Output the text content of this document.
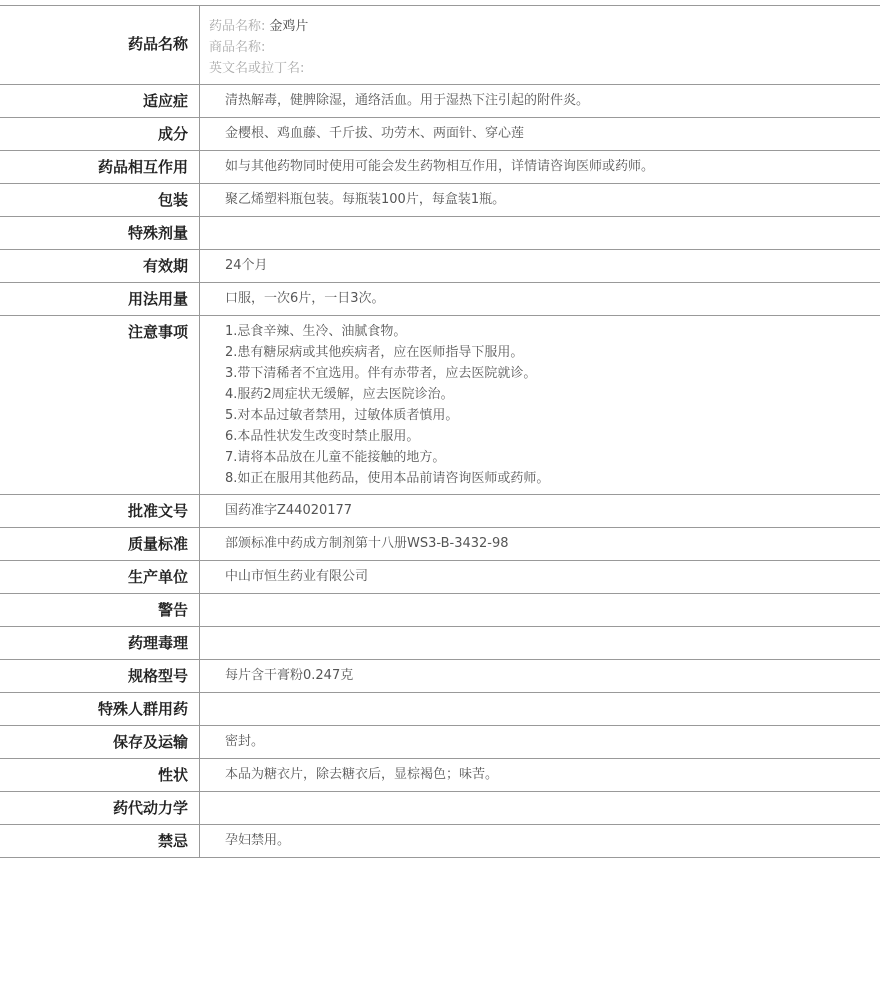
药品名称
药品名称: 金鸡片
商品名称:
英文名或拉丁名:
适应症	清热解毒，健脾除湿，通络活血。用于湿热下注引起的附件炎。
成分	金樱根、鸡血藤、千斤拔、功劳木、两面针、穿心莲
药品相互作用	如与其他药物同时使用可能会发生药物相互作用，详情请咨询医师或药师。
包装	聚乙烯塑料瓶包装。每瓶装100片，每盒装1瓶。
特殊剂量
有效期	24个月
用法用量	口服，一次6片，一日3次。
注意事项	1.忌食辛辣、生冷、油腻食物。
2.患有糖尿病或其他疾病者，应在医师指导下服用。
3.带下清稀者不宜选用。伴有赤带者，应去医院就诊。
4.服药2周症状无缓解，应去医院诊治。
5.对本品过敏者禁用，过敏体质者慎用。
6.本品性状发生改变时禁止服用。
7.请将本品放在儿童不能接触的地方。
8.如正在服用其他药品，使用本品前请咨询医师或药师。
批准文号	国药准字Z44020177
质量标准	部颁标准中药成方制剂第十八册WS3-B-3432-98
生产单位	中山市恒生药业有限公司
警告
药理毒理
规格型号	每片含干膏粉0.247克
特殊人群用药
保存及运输	密封。
性状	本品为糖衣片，除去糖衣后，显棕褐色；味苦。
药代动力学
禁忌	孕妇禁用。
